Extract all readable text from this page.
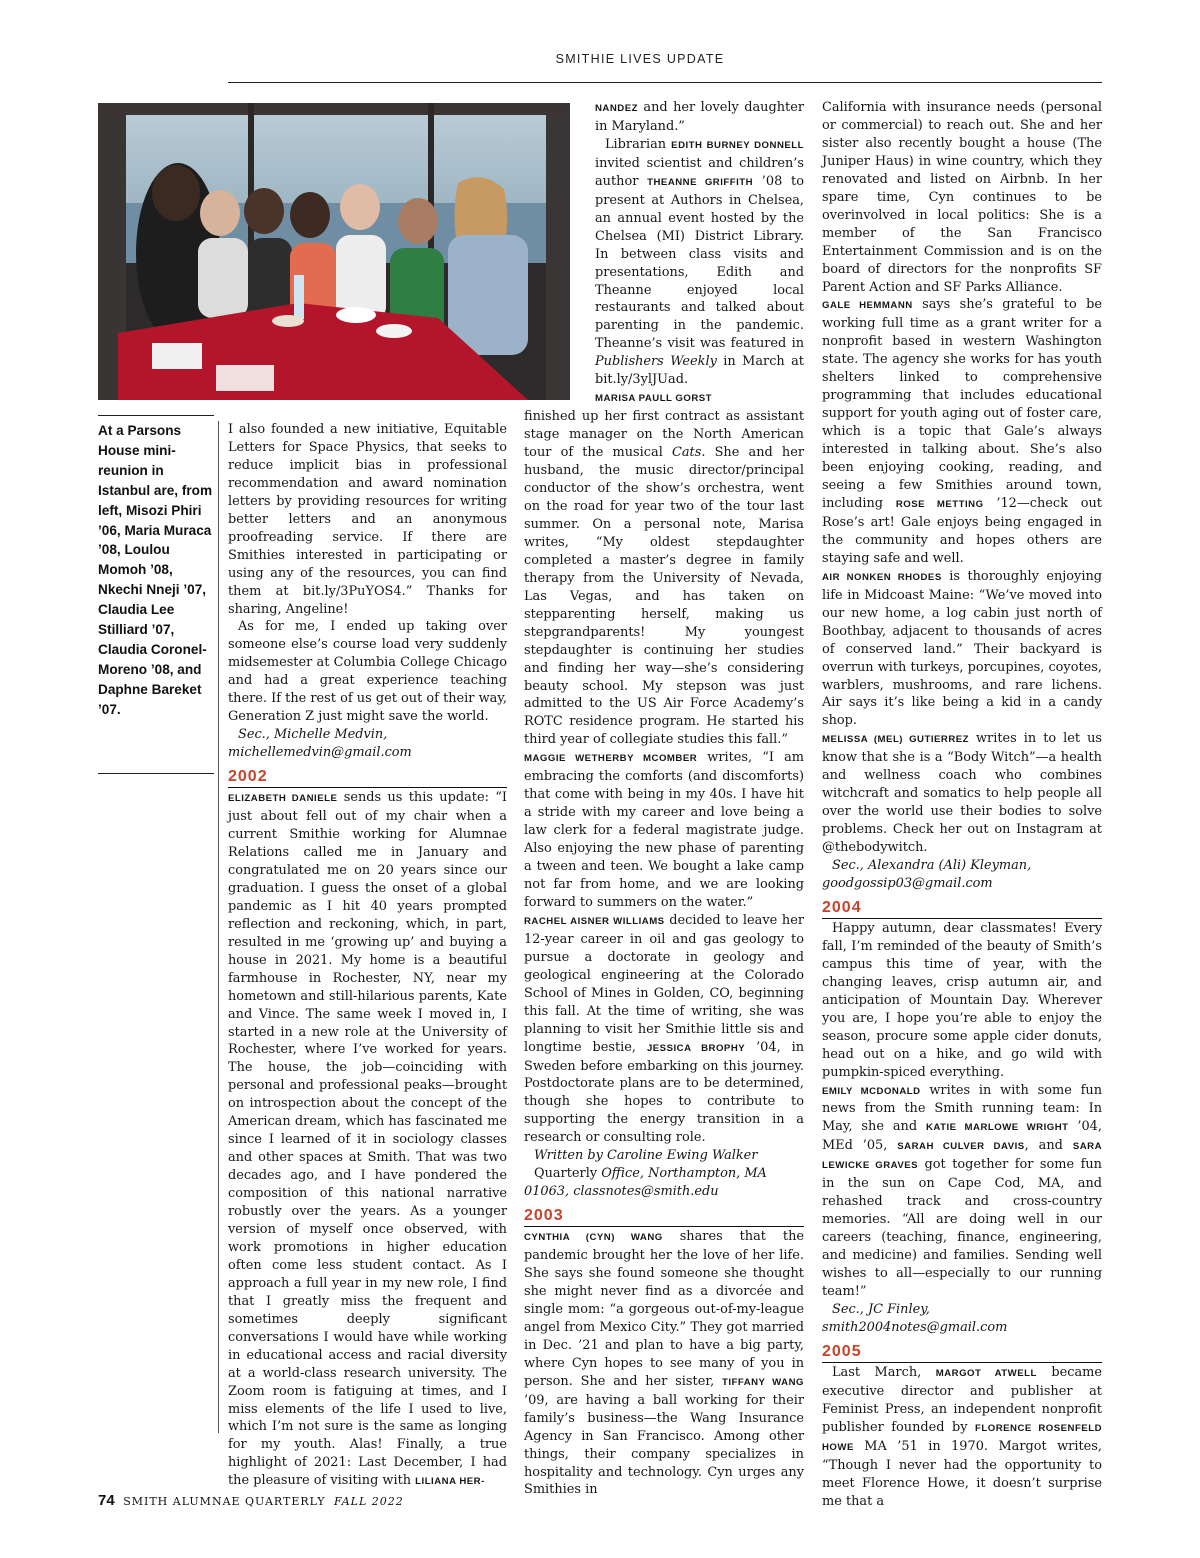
SMITHIE LIVES UPDATE
At a Parsons House mini-reunion in Istanbul are, from left, Misozi Phiri ’06, Maria Muraca ’08, Loulou Momoh ’08, Nkechi Nneji ’07, Claudia Lee Stilliard ’07, Claudia Coronel-Moreno ’08, and Daphne Bareket ’07.

I also founded a new initiative, Equitable Letters for Space Physics, that seeks to reduce implicit bias in professional recommendation and award nomination letters by providing resources for writing better letters and an anonymous proofreading service. If there are Smithies interested in participating or using any of the resources, you can find them at bit.ly/3PuYOS4.” Thanks for sharing, Angeline!

As for me, I ended up taking over someone else’s course load very suddenly midsemester at Columbia College Chicago and had a great experience teaching there. If the rest of us get out of their way, Generation Z just might save the world.

Sec., Michelle Medvin,

michellemedvin@gmail.com

2002

ELIZABETH DANIELE sends us this update: “I just about fell out of my chair when a current Smithie working for Alumnae Relations called me in January and congratulated me on 20 years since our graduation. I guess the onset of a global pandemic as I hit 40 years prompted reflection and reckoning, which, in part, resulted in me ‘growing up’ and buying a house in 2021. My home is a beautiful farmhouse in Rochester, NY, near my hometown and still-hilarious parents, Kate and Vince. The same week I moved in, I started in a new role at the University of Rochester, where I’ve worked for years. The house, the job—coinciding with personal and professional peaks—brought on introspection about the concept of the American dream, which has fascinated me since I learned of it in sociology classes and other spaces at Smith. That was two decades ago, and I have pondered the composition of this national narrative robustly over the years. As a younger version of myself once observed, with work promotions in higher education often come less student contact. As I approach a full year in my new role, I find that I greatly miss the frequent and sometimes deeply significant conversations I would have while working in educational access and racial diversity at a world-class research university. The Zoom room is fatiguing at times, and I miss elements of the life I used to live, which I’m not sure is the same as longing for my youth. Alas! Finally, a true highlight of 2021: Last December, I had the pleasure of visiting with LILIANA HER-

NANDEZ and her lovely daughter in Maryland.”

Librarian EDITH BURNEY DONNELL invited scientist and children’s author THEANNE GRIFFITH ’08 to present at Authors in Chelsea, an annual event hosted by the Chelsea (MI) District Library. In between class visits and presentations, Edith and Theanne enjoyed local restaurants and talked about parenting in the pandemic. Theanne’s visit was featured in Publishers Weekly in March at bit.ly/3ylJUad.

MARISA PAULL GORST

finished up her first contract as assistant stage manager on the North American tour of the musical Cats. She and her husband, the music director/principal conductor of the show’s orchestra, went on the road for year two of the tour last summer. On a personal note, Marisa writes, “My oldest stepdaughter completed a master’s degree in family therapy from the University of Nevada, Las Vegas, and has taken on stepparenting herself, making us stepgrandparents! My youngest stepdaughter is continuing her studies and finding her way—she’s considering beauty school. My stepson was just admitted to the US Air Force Academy’s ROTC residence program. He started his third year of collegiate studies this fall.”

MAGGIE WETHERBY MCOMBER writes, “I am embracing the comforts (and discomforts) that come with being in my 40s. I have hit a stride with my career and love being a law clerk for a federal magistrate judge. Also enjoying the new phase of parenting a tween and teen. We bought a lake camp not far from home, and we are looking forward to summers on the water.”

RACHEL AISNER WILLIAMS decided to leave her 12-year career in oil and gas geology to pursue a doctorate in geology and geological engineering at the Colorado School of Mines in Golden, CO, beginning this fall. At the time of writing, she was planning to visit her Smithie little sis and longtime bestie, JESSICA BROPHY ’04, in Sweden before embarking on this journey. Postdoctorate plans are to be determined, though she hopes to contribute to supporting the energy transition in a research or consulting role.

Written by Caroline Ewing Walker

Quarterly Office, Northampton, MA 01063, classnotes@smith.edu

2003

CYNTHIA (CYN) WANG shares that the pandemic brought her the love of her life. She says she found someone she thought she might never find as a divorcée and single mom: “a gorgeous out-of-my-league angel from Mexico City.” They got married in Dec. ’21 and plan to have a big party, where Cyn hopes to see many of you in person. She and her sister, TIFFANY WANG ’09, are having a ball working for their family’s business—the Wang Insurance Agency in San Francisco. Among other things, their company specializes in hospitality and technology. Cyn urges any Smithies in

California with insurance needs (personal or commercial) to reach out. She and her sister also recently bought a house (The Juniper Haus) in wine country, which they renovated and listed on Airbnb. In her spare time, Cyn continues to be overinvolved in local politics: She is a member of the San Francisco Entertainment Commission and is on the board of directors for the nonprofits SF Parent Action and SF Parks Alliance.

GALE HEMMANN says she’s grateful to be working full time as a grant writer for a nonprofit based in western Washington state. The agency she works for has youth shelters linked to comprehensive programming that includes educational support for youth aging out of foster care, which is a topic that Gale’s always interested in talking about. She’s also been enjoying cooking, reading, and seeing a few Smithies around town, including ROSE METTING ’12—check out Rose’s art! Gale enjoys being engaged in the community and hopes others are staying safe and well.

AIR NONKEN RHODES is thoroughly enjoying life in Midcoast Maine: “We’ve moved into our new home, a log cabin just north of Boothbay, adjacent to thousands of acres of conserved land.” Their backyard is overrun with turkeys, porcupines, coyotes, warblers, mushrooms, and rare lichens. Air says it’s like being a kid in a candy shop.

MELISSA (MEL) GUTIERREZ writes in to let us know that she is a “Body Witch”—a health and wellness coach who combines witchcraft and somatics to help people all over the world use their bodies to solve problems. Check her out on Instagram at @thebodywitch.

Sec., Alexandra (Ali) Kleyman,

goodgossip03@gmail.com

2004

Happy autumn, dear classmates! Every fall, I’m reminded of the beauty of Smith’s campus this time of year, with the changing leaves, crisp autumn air, and anticipation of Mountain Day. Wherever you are, I hope you’re able to enjoy the season, procure some apple cider donuts, head out on a hike, and go wild with pumpkin-spiced everything.

EMILY MCDONALD writes in with some fun news from the Smith running team: In May, she and KATIE MARLOWE WRIGHT ’04, MEd ’05, SARAH CULVER DAVIS, and SARA LEWICKE GRAVES got together for some fun in the sun on Cape Cod, MA, and rehashed track and cross-country memories. “All are doing well in our careers (teaching, finance, engineering, and medicine) and families. Sending well wishes to all—especially to our running team!”

Sec., JC Finley,

smith2004notes@gmail.com

2005

Last March, MARGOT ATWELL became executive director and publisher at Feminist Press, an independent nonprofit publisher founded by FLORENCE ROSENFELD HOWE MA ’51 in 1970. Margot writes, “Though I never had the opportunity to meet Florence Howe, it doesn’t surprise me that a

74 SMITH ALUMNAE QUARTERLY FALL 2022
